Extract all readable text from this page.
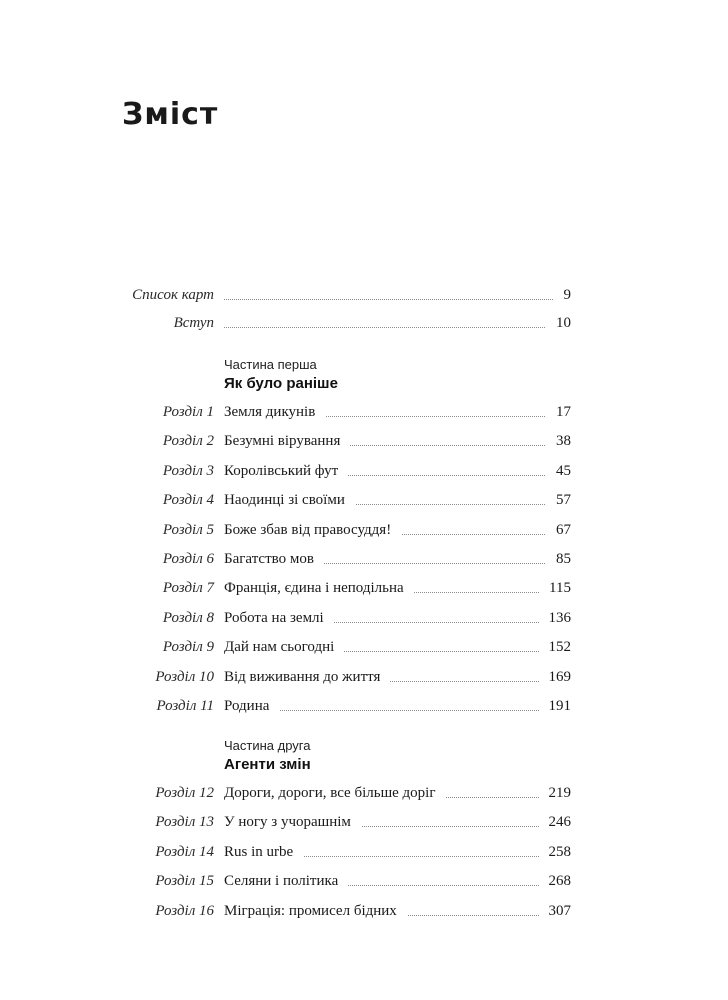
Зміст
Список карт	9
Вступ	10
Частина перша
Як було раніше
Розділ 1 Земля дикунів	17
Розділ 2 Безумні вірування	38
Розділ 3 Королівський фут	45
Розділ 4 Наодинці зі своїми	57
Розділ 5 Боже збав від правосуддя!	67
Розділ 6 Багатство мов	85
Розділ 7 Франція, єдина і неподільна	115
Розділ 8 Робота на землі	136
Розділ 9 Дай нам сьогодні	152
Розділ 10 Від виживання до життя	169
Розділ 11 Родина	191
Частина друга
Агенти змін
Розділ 12 Дороги, дороги, все більше доріг	219
Розділ 13 У ногу з учорашнім	246
Розділ 14 Rus in urbe	258
Розділ 15 Селяни і політика	268
Розділ 16 Міграція: промисел бідних	307
